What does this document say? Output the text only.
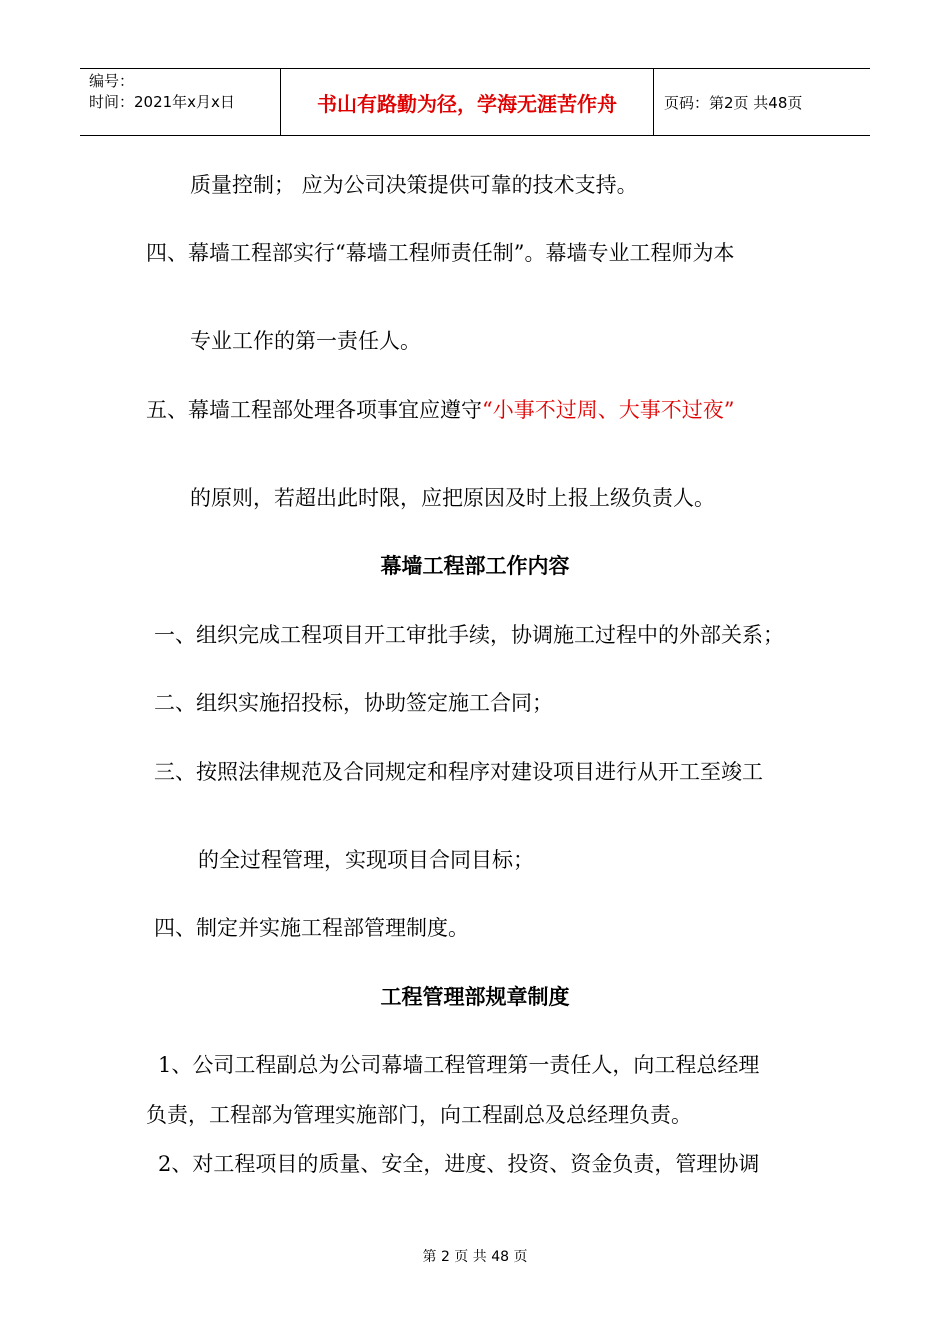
编号：
时间：2021年x月x日	书山有路勤为径，学海无涯苦作舟	页码：第2页 共48页
质量控制； 应为公司决策提供可靠的技术支持。
四、幕墙工程部实行“幕墙工程师责任制”。幕墙专业工程师为本
专业工作的第一责任人。
五、幕墙工程部处理各项事宜应遵守“小事不过周、大事不过夜”
的原则，若超出此时限，应把原因及时上报上级负责人。
幕墙工程部工作内容
一、组织完成工程项目开工审批手续，协调施工过程中的外部关系；
二、组织实施招投标，协助签定施工合同；
三、按照法律规范及合同规定和程序对建设项目进行从开工至竣工
的全过程管理，实现项目合同目标；
四、制定并实施工程部管理制度。
工程管理部规章制度
1、公司工程副总为公司幕墙工程管理第一责任人，向工程总经理
负责，工程部为管理实施部门，向工程副总及总经理负责。
2、对工程项目的质量、安全，进度、投资、资金负责，管理协调
第 2 页 共 48 页
